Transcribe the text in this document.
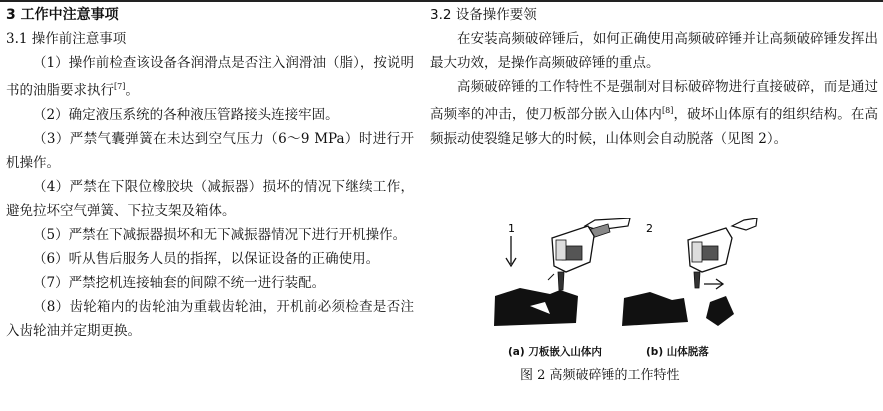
3 工作中注意事项
3.1 操作前注意事项

（1）操作前检查该设备各润滑点是否注入润滑油（脂），按说明书的油脂要求执行[7]。

（2）确定液压系统的各种液压管路接头连接牢固。

（3）严禁气囊弹簧在未达到空气压力（6～9 MPa）时进行开机操作。

（4）严禁在下限位橡胶块（减振器）损坏的情况下继续工作，避免拉坏空气弹簧、下拉支架及箱体。

（5）严禁在下减振器损坏和无下减振器情况下进行开机操作。

（6）听从售后服务人员的指挥，以保证设备的正确使用。

（7）严禁挖机连接轴套的间隙不统一进行装配。

（8）齿轮箱内的齿轮油为重载齿轮油，开机前必须检查是否注入齿轮油并定期更换。

3.2 设备操作要领

在安装高频破碎锤后，如何正确使用高频破碎锤并让高频破碎锤发挥出最大功效，是操作高频破碎锤的重点。

高频破碎锤的工作特性不是强制对目标破碎物进行直接破碎，而是通过高频率的冲击，使刀板部分嵌入山体内[8]，破坏山体原有的组织结构。在高频振动使裂缝足够大的时候，山体则会自动脱落（见图 2）。

1	2
(a) 刀板嵌入山体内	(b) 山体脱落
图 2 高频破碎锤的工作特性
